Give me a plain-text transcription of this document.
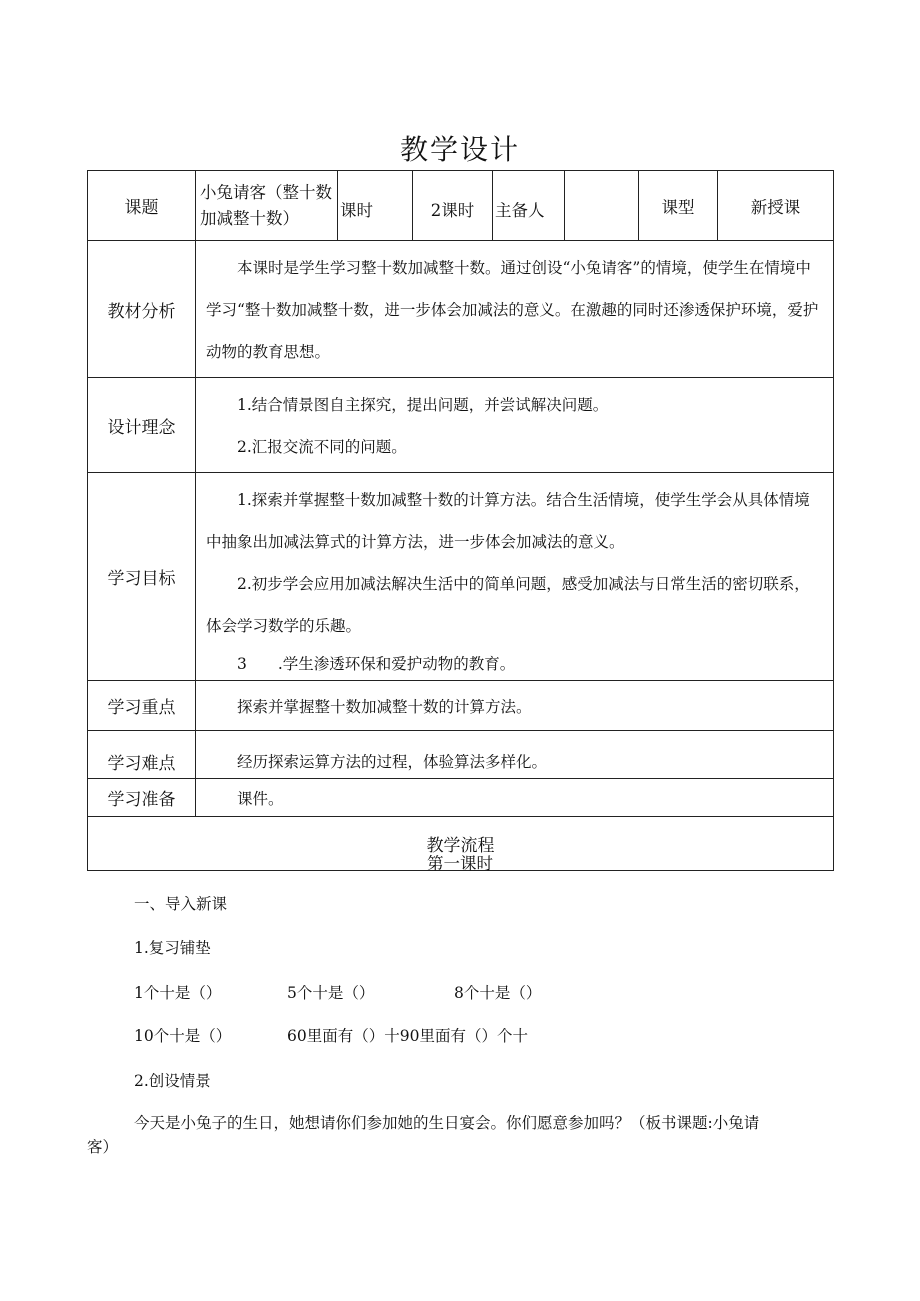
教学设计
课题	小兔请客（整十数加减整十数）	课时	2课时	主备人		课型	新授课
教材分析	本课时是学生学习整十数加减整十数。通过创设“小兔请客”的情境，使学生在情境中学习“整十数加减整十数，进一步体会加减法的意义。在激趣的同时还渗透保护环境，爱护动物的教育思想。						
设计理念	1.结合情景图自主探究，提出问题，并尝试解决问题。
2.汇报交流不同的问题。						

学习目标	1.探索并掌握整十数加减整十数的计算方法。结合生活情境，使学生学会从具体情境中抽象出加减法算式的计算方法，进一步体会加减法的意义。
2.初步学会应用加减法解决生活中的简单问题，感受加减法与日常生活的密切联系，体会学习数学的乐趣。
3　　.学生渗透环保和爱护动物的教育。						

学习重点	探索并掌握整十数加减整十数的计算方法。						
学习难点	经历探索运算方法的过程，体验算法多样化。						
学习准备	课件。						
教学流程							
第一课时
一、导入新课
1.复习铺垫
1个十是（）	5个十是（）	8个十是（）
10个十是（）	60里面有（）十90里面有（）个十
2.创设情景
今天是小兔子的生日，她想请你们参加她的生日宴会。你们愿意参加吗？（板书课题:小兔请
客）
